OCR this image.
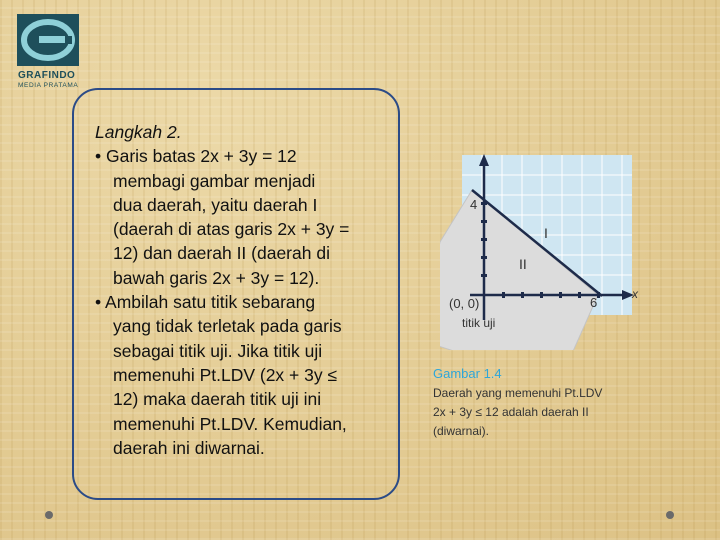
GRAFINDO
MEDIA PRATAMA

Langkah 2.

• Garis batas 2x + 3y = 12

membagi gambar menjadi

dua daerah, yaitu daerah I

(daerah di atas garis 2x + 3y =

12) dan daerah II (daerah di

bawah garis 2x + 3y = 12).

• Ambilah satu titik sebarang

yang tidak terletak pada garis

sebagai titik uji. Jika titik uji

memenuhi Pt.LDV (2x + 3y ≤

12) maka daerah titik uji ini

memenuhi Pt.LDV. Kemudian,

daerah ini diwarnai.

4
6
x
I
II
(0, 0)
titik uji
Gambar 1.4
Daerah yang memenuhi Pt.LDV
2x + 3y ≤ 12 adalah daerah II
(diwarnai).
